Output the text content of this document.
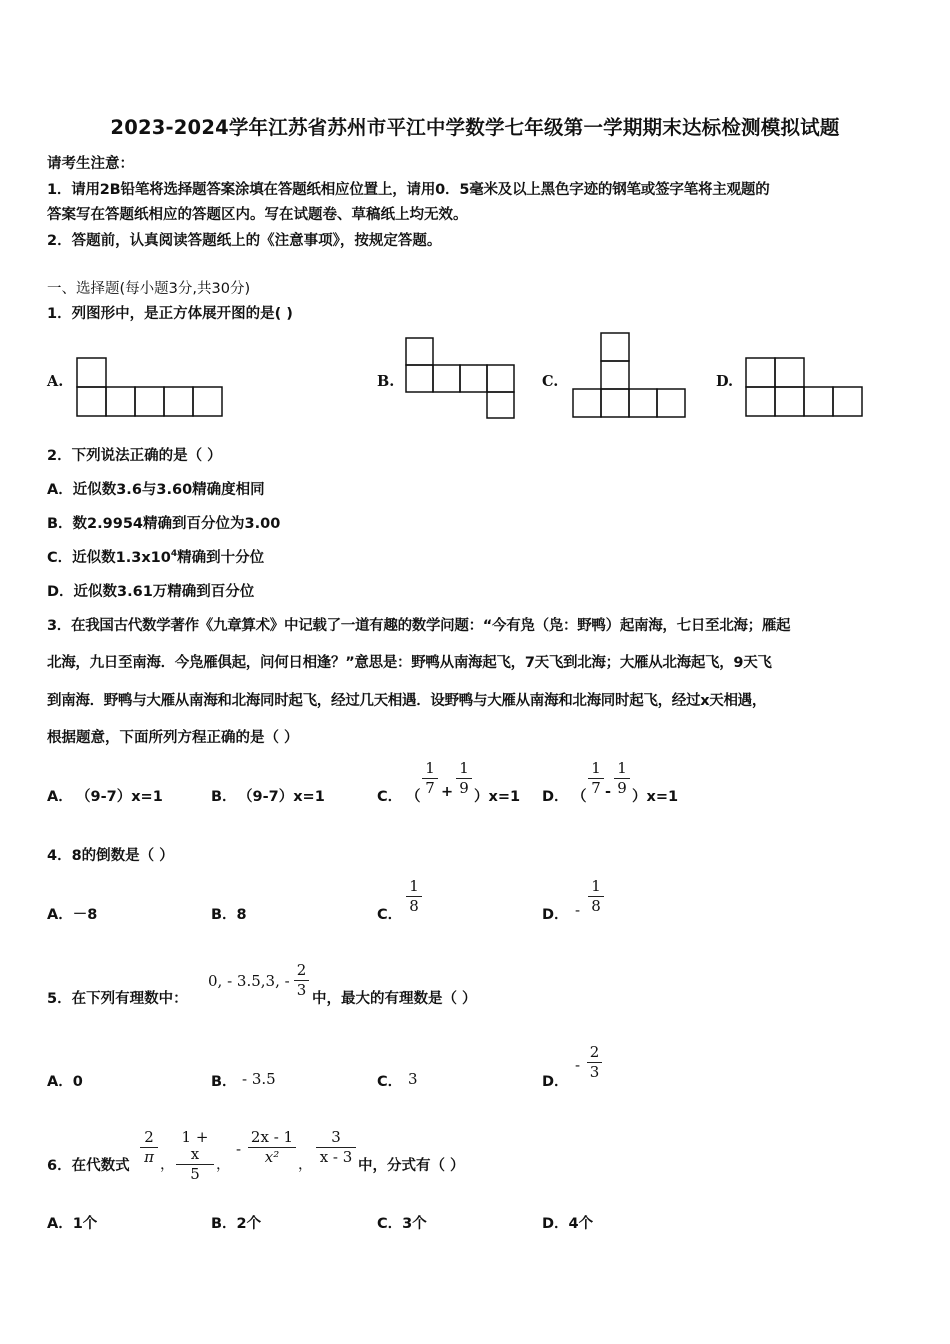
2023-2024学年江苏省苏州市平江中学数学七年级第一学期期末达标检测模拟试题
请考生注意：
1．请用2B铅笔将选择题答案涂填在答题纸相应位置上，请用0．5毫米及以上黑色字迹的钢笔或签字笔将主观题的
答案写在答题纸相应的答题区内。写在试题卷、草稿纸上均无效。
2．答题前，认真阅读答题纸上的《注意事项》，按规定答题。
一、选择题(每小题3分,共30分)
1．列图形中，是正方体展开图的是( )
A.	B.	C.	D.
2．下列说法正确的是（ ）
A．近似数3.6与3.60精确度相同
B．数2.9954精确到百分位为3.00
C．近似数$1.3x10^4$精确到十分位
D．近似数3.61万精确到百分位
3．在我国古代数学著作《九章算术》中记载了一道有趣的数学问题：“今有凫（凫：野鸭）起南海，七日至北海；雁起
北海，九日至南海．今凫雁俱起，问何日相逢？”意思是：野鸭从南海起飞，7天飞到北海；大雁从北海起飞，9天飞
到南海．野鸭与大雁从南海和北海同时起飞，经过几天相遇．设野鸭与大雁从南海和北海同时起飞，经过x天相遇，
根据题意，下面所列方程正确的是（ ）
A． （9-7）x=1	B． （9-7）x=1	C． （
1
7 +
1
9 ）x=1 D． （
1
7 -
1
9 ）x=1
4．8的倒数是（ ）
A．－8	B．8	C．
1
8	D． -
1
8
5．在下列有理数中：
0, - 3.5,3, -
2
3 中，最大的有理数是（ ）
A．0	B． - 3.5	C． 3	D．
-
2
3
6．在代数式
2
π ，
1 + x
5	，
-
2x - 1
x²	，
3
x - 3 中，分式有（ ）
A．1个	B．2个	C．3个	D．4个
